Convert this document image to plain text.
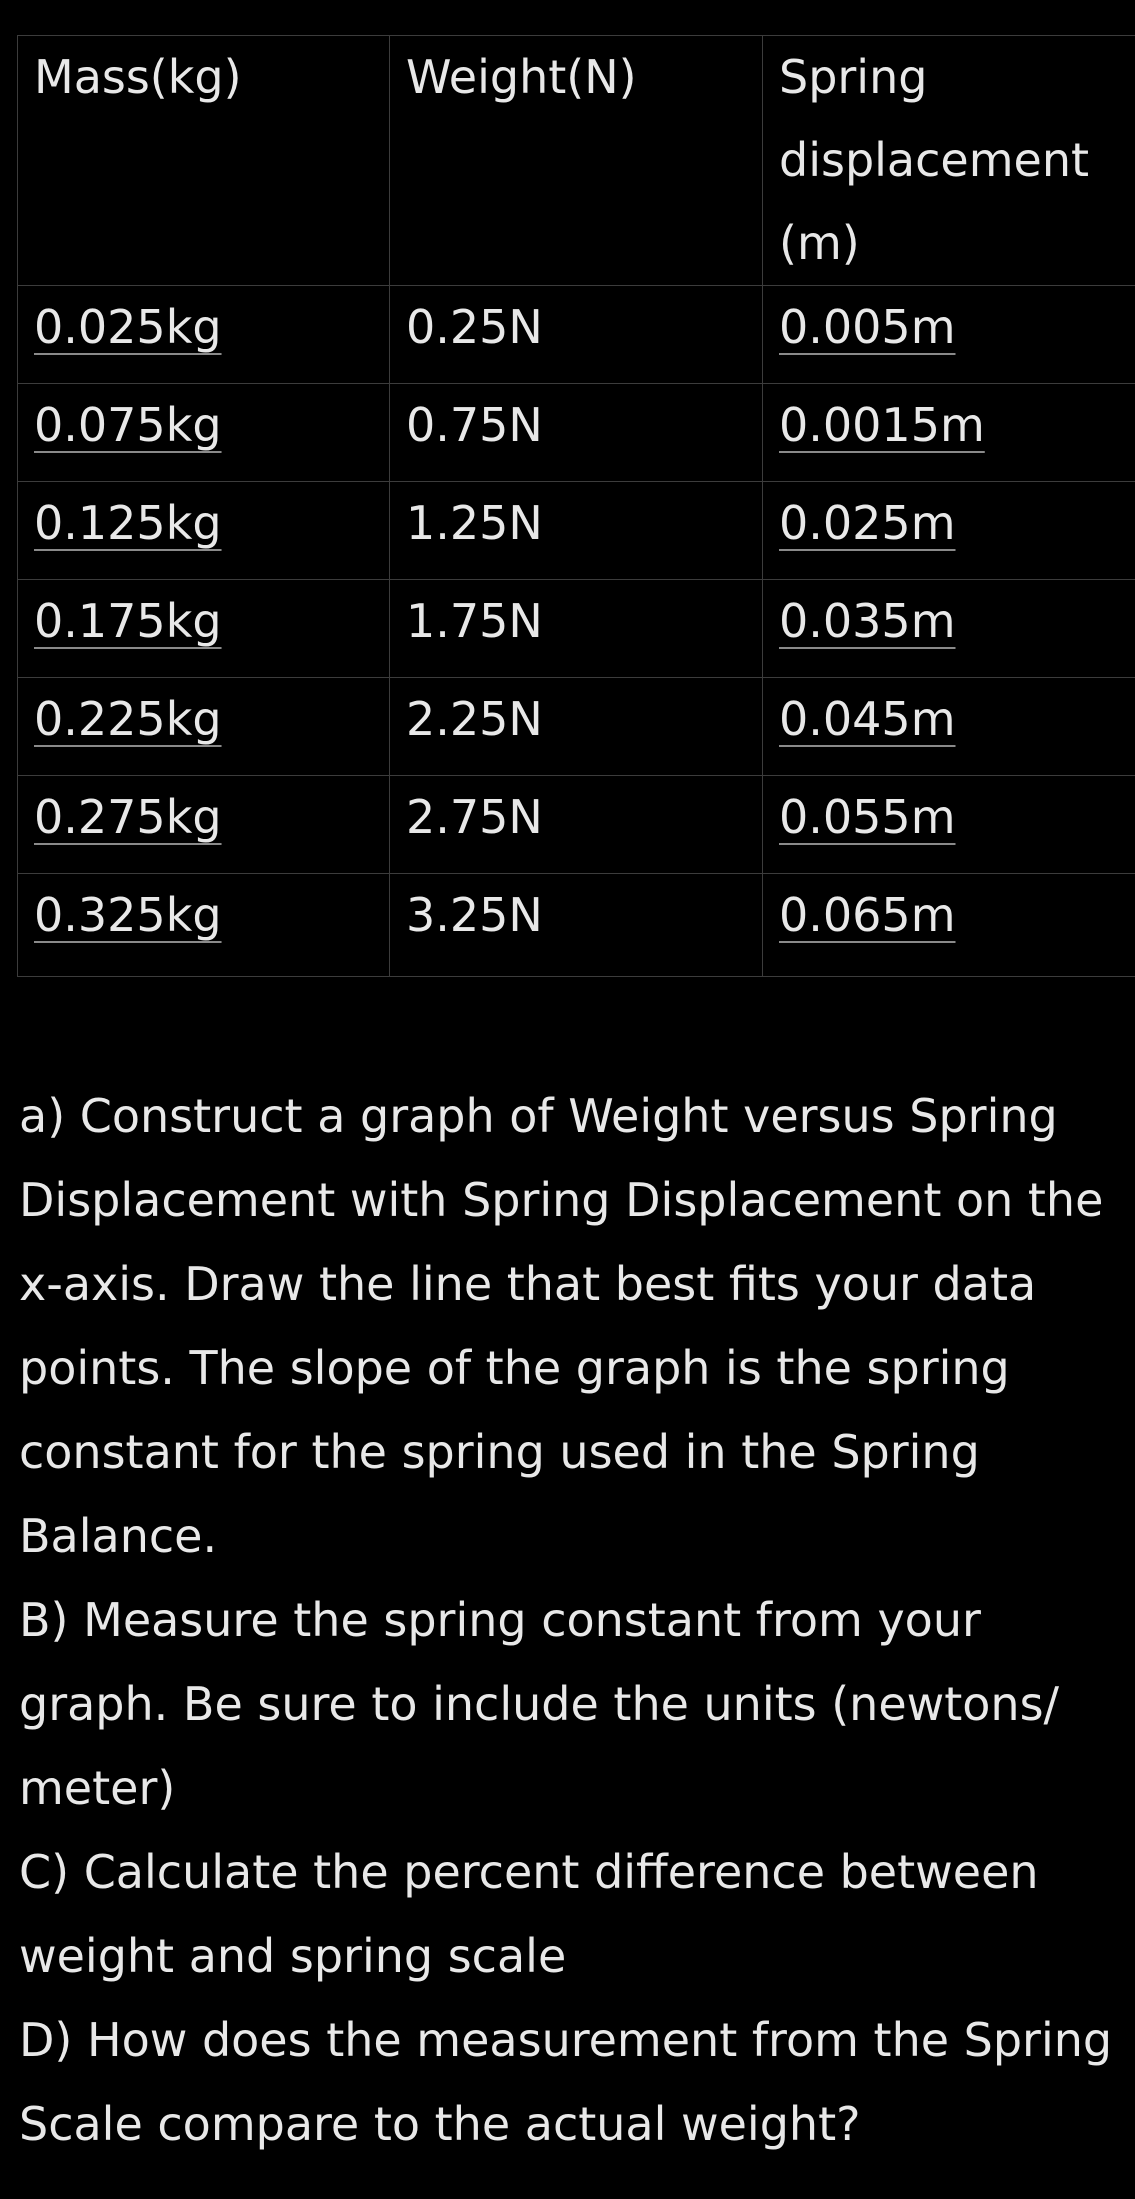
Mass(kg)	Weight(N)	Spring displacement (m)
0.025kg	0.25N	0.005m
0.075kg	0.75N	0.0015m
0.125kg	1.25N	0.025m
0.175kg	1.75N	0.035m
0.225kg	2.25N	0.045m
0.275kg	2.75N	0.055m
0.325kg	3.25N	0.065m

a) Construct a graph of Weight versus Spring Displacement with Spring Displacement on the x-axis. Draw the line that best fits your data points. The slope of the graph is the spring constant for the spring used in the Spring Balance.

B) Measure the spring constant from your graph. Be sure to include the units (newtons/ meter)

C) Calculate the percent difference between weight and spring scale

D) How does the measurement from the Spring Scale compare to the actual weight?
